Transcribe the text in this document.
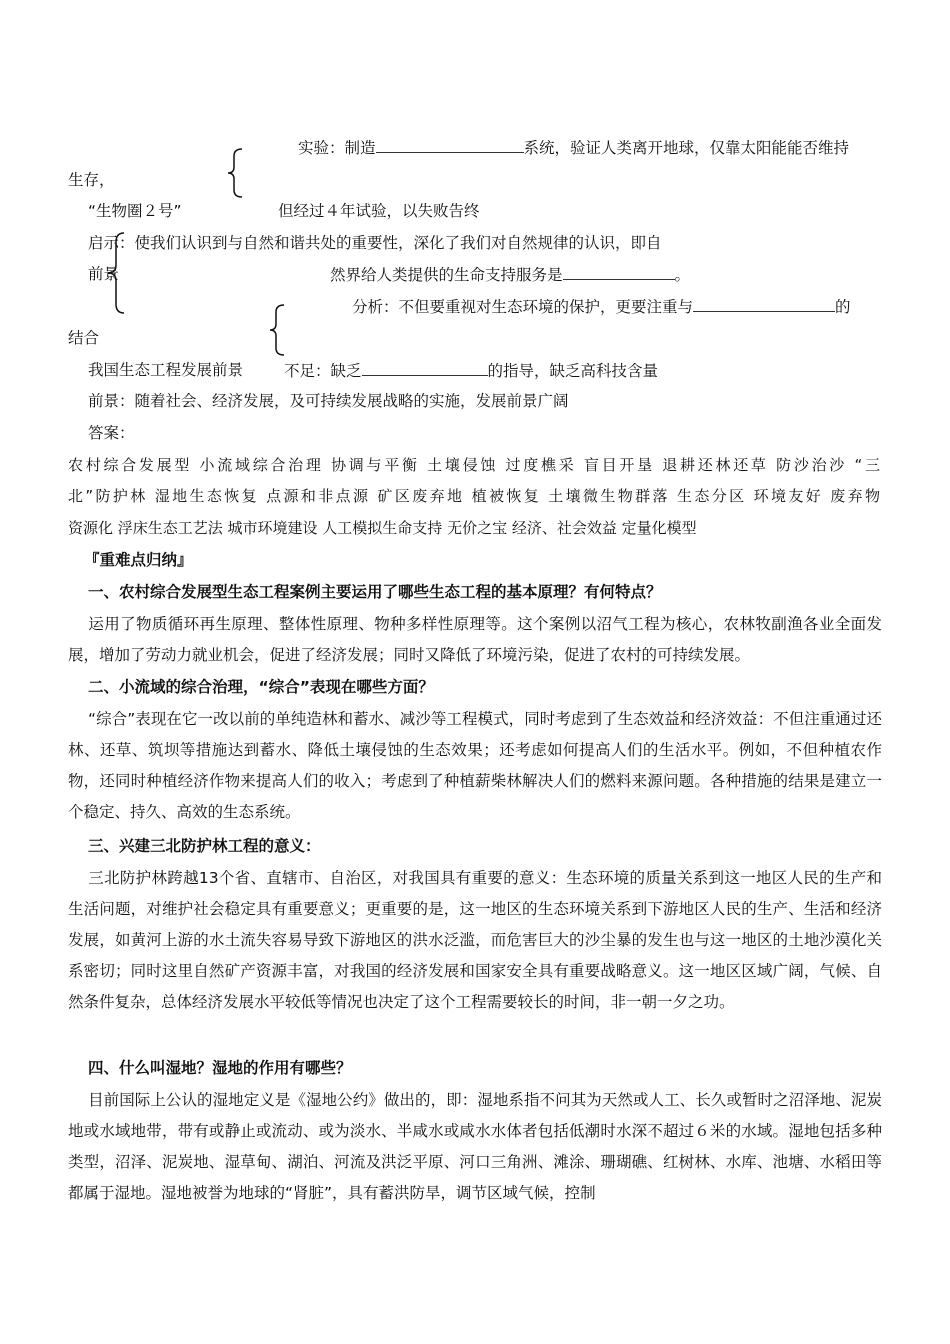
实验：制造	系统，验证人类离开地球，仅靠太阳能能否维持
生存，
“生物圈２号”	但经过４年试验，以失败告终
启示：使我们认识到与自然和谐共处的重要性，深化了我们对自然规律的认识，即自
前景	然界给人类提供的生命支持服务是	。
分析：不但要重视对生态环境的保护，更要注重与	的
结合
我国生态工程发展前景	不足：缺乏	的指导，缺乏高科技含量
前景：随着社会、经济发展，及可持续发展战略的实施，发展前景广阔
答案：
农村综合发展型 小流域综合治理 协调与平衡 土壤侵蚀 过度樵采 盲目开垦 退耕还林还草 防沙治沙 “三
北”防护林 湿地生态恢复 点源和非点源 矿区废弃地 植被恢复 土壤微生物群落 生态分区 环境友好 废弃物
资源化 浮床生态工艺法 城市环境建设 人工模拟生命支持 无价之宝 经济、社会效益 定量化模型
『重难点归纳』
一、农村综合发展型生态工程案例主要运用了哪些生态工程的基本原理？有何特点？
运用了物质循环再生原理、整体性原理、物种多样性原理等。这个案例以沼气工程为核心，农林牧副渔各业全面发展，增加了劳动力就业机会，促进了经济发展；同时又降低了环境污染，促进了农村的可持续发展。
二、小流域的综合治理，“综合”表现在哪些方面？
“综合”表现在它一改以前的单纯造林和蓄水、减沙等工程模式，同时考虑到了生态效益和经济效益：不但注重通过还林、还草、筑坝等措施达到蓄水、降低土壤侵蚀的生态效果；还考虑如何提高人们的生活水平。例如，不但种植农作物，还同时种植经济作物来提高人们的收入；考虑到了种植薪柴林解决人们的燃料来源问题。各种措施的结果是建立一个稳定、持久、高效的生态系统。
三、兴建三北防护林工程的意义：
三北防护林跨越13个省、直辖市、自治区，对我国具有重要的意义：生态环境的质量关系到这一地区人民的生产和生活问题，对维护社会稳定具有重要意义；更重要的是，这一地区的生态环境关系到下游地区人民的生产、生活和经济发展，如黄河上游的水土流失容易导致下游地区的洪水泛滥，而危害巨大的沙尘暴的发生也与这一地区的土地沙漠化关系密切；同时这里自然矿产资源丰富，对我国的经济发展和国家安全具有重要战略意义。这一地区区域广阔，气候、自然条件复杂，总体经济发展水平较低等情况也决定了这个工程需要较长的时间，非一朝一夕之功。
四、什么叫湿地？湿地的作用有哪些？
目前国际上公认的湿地定义是《湿地公约》做出的，即：湿地系指不问其为天然或人工、长久或暂时之沼泽地、泥炭地或水域地带，带有或静止或流动、或为淡水、半咸水或咸水水体者包括低潮时水深不超过６米的水域。湿地包括多种类型，沼泽、泥炭地、湿草甸、湖泊、河流及洪泛平原、河口三角洲、滩涂、珊瑚礁、红树林、水库、池塘、水稻田等都属于湿地。湿地被誉为地球的“肾脏”，具有蓄洪防旱，调节区域气候，控制
